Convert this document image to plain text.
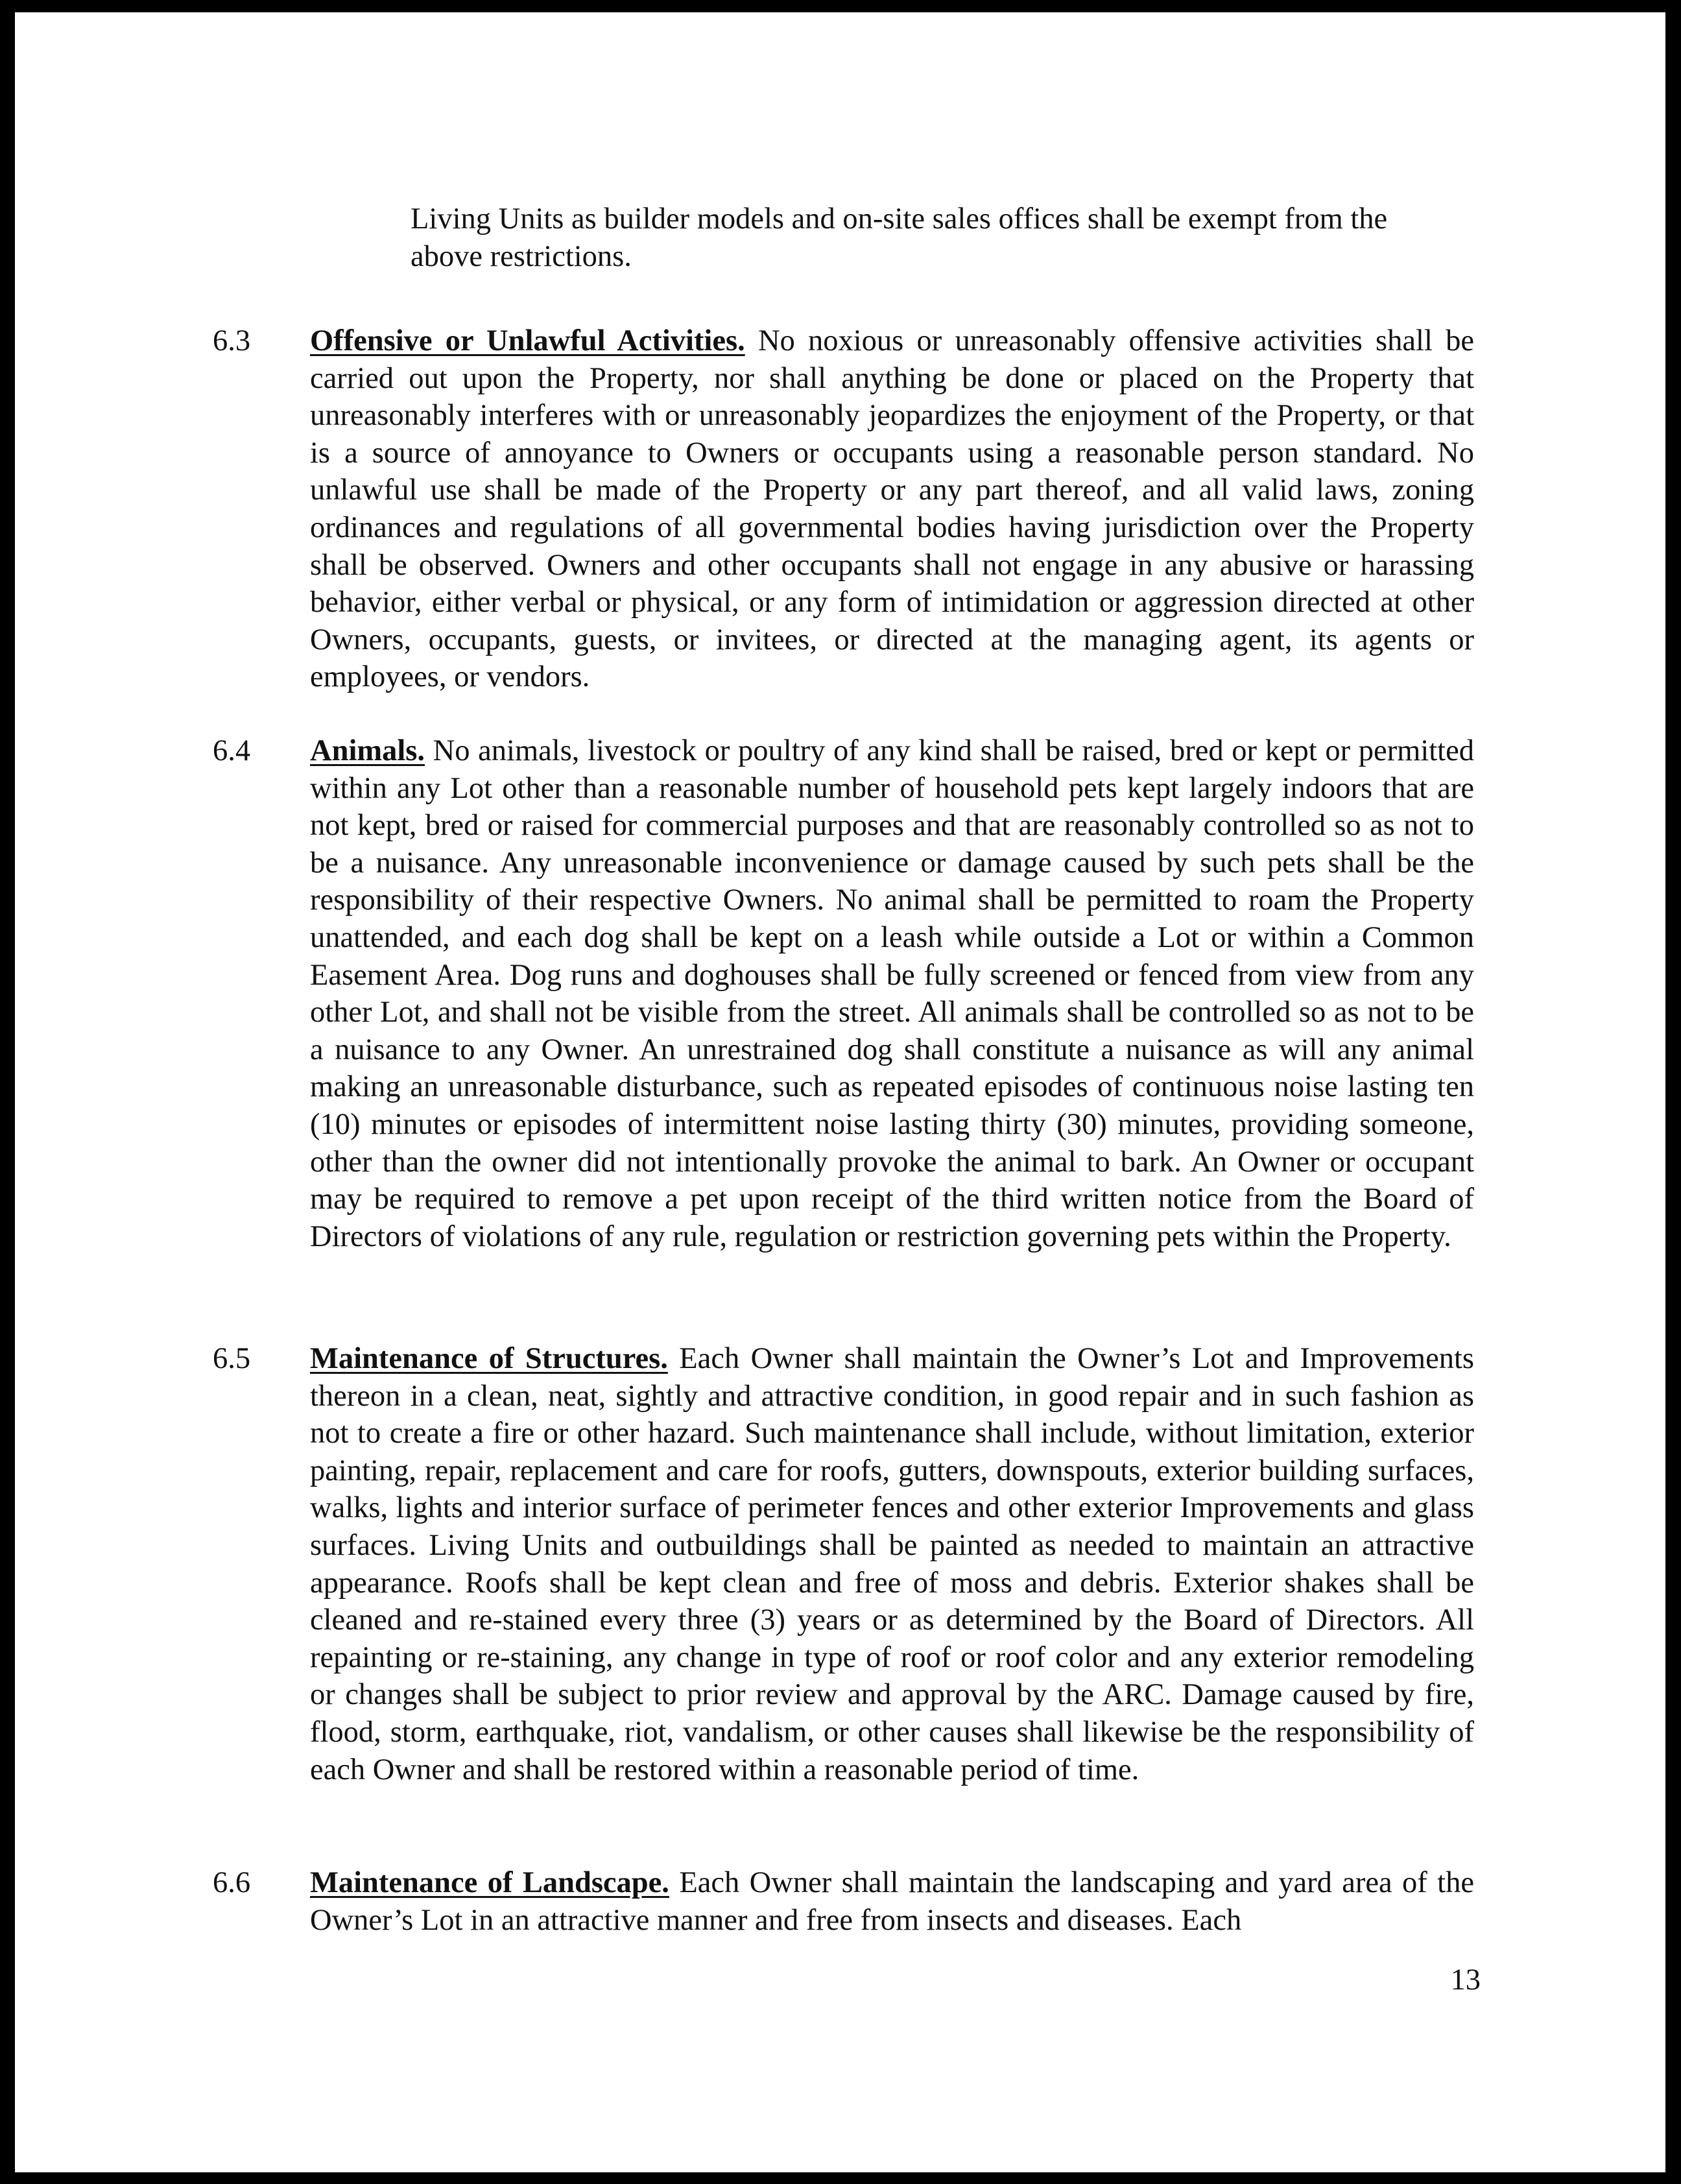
Living Units as builder models and on-site sales offices shall be exempt from the above restrictions.

6.3 Offensive or Unlawful Activities. No noxious or unreasonably offensive activities shall be carried out upon the Property, nor shall anything be done or placed on the Property that unreasonably interferes with or unreasonably jeopardizes the enjoyment of the Property, or that is a source of annoyance to Owners or occupants using a reasonable person standard. No unlawful use shall be made of the Property or any part thereof, and all valid laws, zoning ordinances and regulations of all governmental bodies having jurisdiction over the Property shall be observed. Owners and other occupants shall not engage in any abusive or harassing behavior, either verbal or physical, or any form of intimidation or aggression directed at other Owners, occupants, guests, or invitees, or directed at the managing agent, its agents or employees, or vendors.
6.4 Animals. No animals, livestock or poultry of any kind shall be raised, bred or kept or permitted within any Lot other than a reasonable number of household pets kept largely indoors that are not kept, bred or raised for commercial purposes and that are reasonably controlled so as not to be a nuisance. Any unreasonable inconvenience or damage caused by such pets shall be the responsibility of their respective Owners. No animal shall be permitted to roam the Property unattended, and each dog shall be kept on a leash while outside a Lot or within a Common Easement Area. Dog runs and doghouses shall be fully screened or fenced from view from any other Lot, and shall not be visible from the street. All animals shall be controlled so as not to be a nuisance to any Owner. An unrestrained dog shall constitute a nuisance as will any animal making an unreasonable disturbance, such as repeated episodes of continuous noise lasting ten (10) minutes or episodes of intermittent noise lasting thirty (30) minutes, providing someone, other than the owner did not intentionally provoke the animal to bark. An Owner or occupant may be required to remove a pet upon receipt of the third written notice from the Board of Directors of violations of any rule, regulation or restriction governing pets within the Property.
6.5 Maintenance of Structures. Each Owner shall maintain the Owner’s Lot and Improvements thereon in a clean, neat, sightly and attractive condition, in good repair and in such fashion as not to create a fire or other hazard. Such maintenance shall include, without limitation, exterior painting, repair, replacement and care for roofs, gutters, downspouts, exterior building surfaces, walks, lights and interior surface of perimeter fences and other exterior Improvements and glass surfaces. Living Units and outbuildings shall be painted as needed to maintain an attractive appearance. Roofs shall be kept clean and free of moss and debris. Exterior shakes shall be cleaned and re-stained every three (3) years or as determined by the Board of Directors. All repainting or re-staining, any change in type of roof or roof color and any exterior remodeling or changes shall be subject to prior review and approval by the ARC. Damage caused by fire, flood, storm, earthquake, riot, vandalism, or other causes shall likewise be the responsibility of each Owner and shall be restored within a reasonable period of time.
6.6 Maintenance of Landscape. Each Owner shall maintain the landscaping and yard area of the Owner’s Lot in an attractive manner and free from insects and diseases. Each
13
